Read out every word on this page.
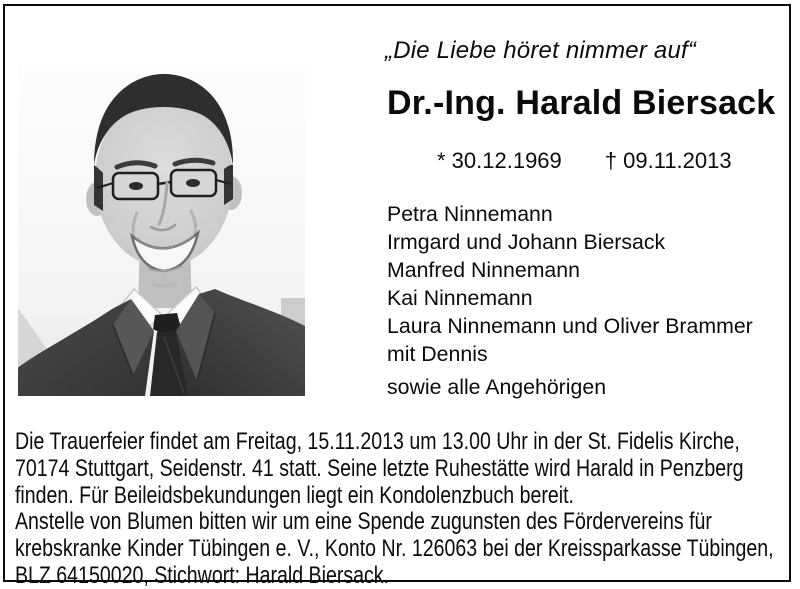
„Die Liebe höret nimmer auf“
Dr.-Ing. Harald Biersack
* 30.12.1969 † 09.11.2013
Petra Ninnemann
Irmgard und Johann Biersack
Manfred Ninnemann
Kai Ninnemann
Laura Ninnemann und Oliver Brammer
mit Dennis
sowie alle Angehörigen
Die Trauerfeier findet am Freitag, 15.11.2013 um 13.00 Uhr in der St. Fidelis Kirche, 70174 Stuttgart, Seidenstr. 41 statt. Seine letzte Ruhestätte wird Harald in Penzberg finden. Für Beileidsbekundungen liegt ein Kondolenzbuch bereit.
Anstelle von Blumen bitten wir um eine Spende zugunsten des Fördervereins für krebskranke Kinder Tübingen e. V., Konto Nr. 126063 bei der Kreissparkasse Tübingen, BLZ 64150020, Stichwort: Harald Biersack.
